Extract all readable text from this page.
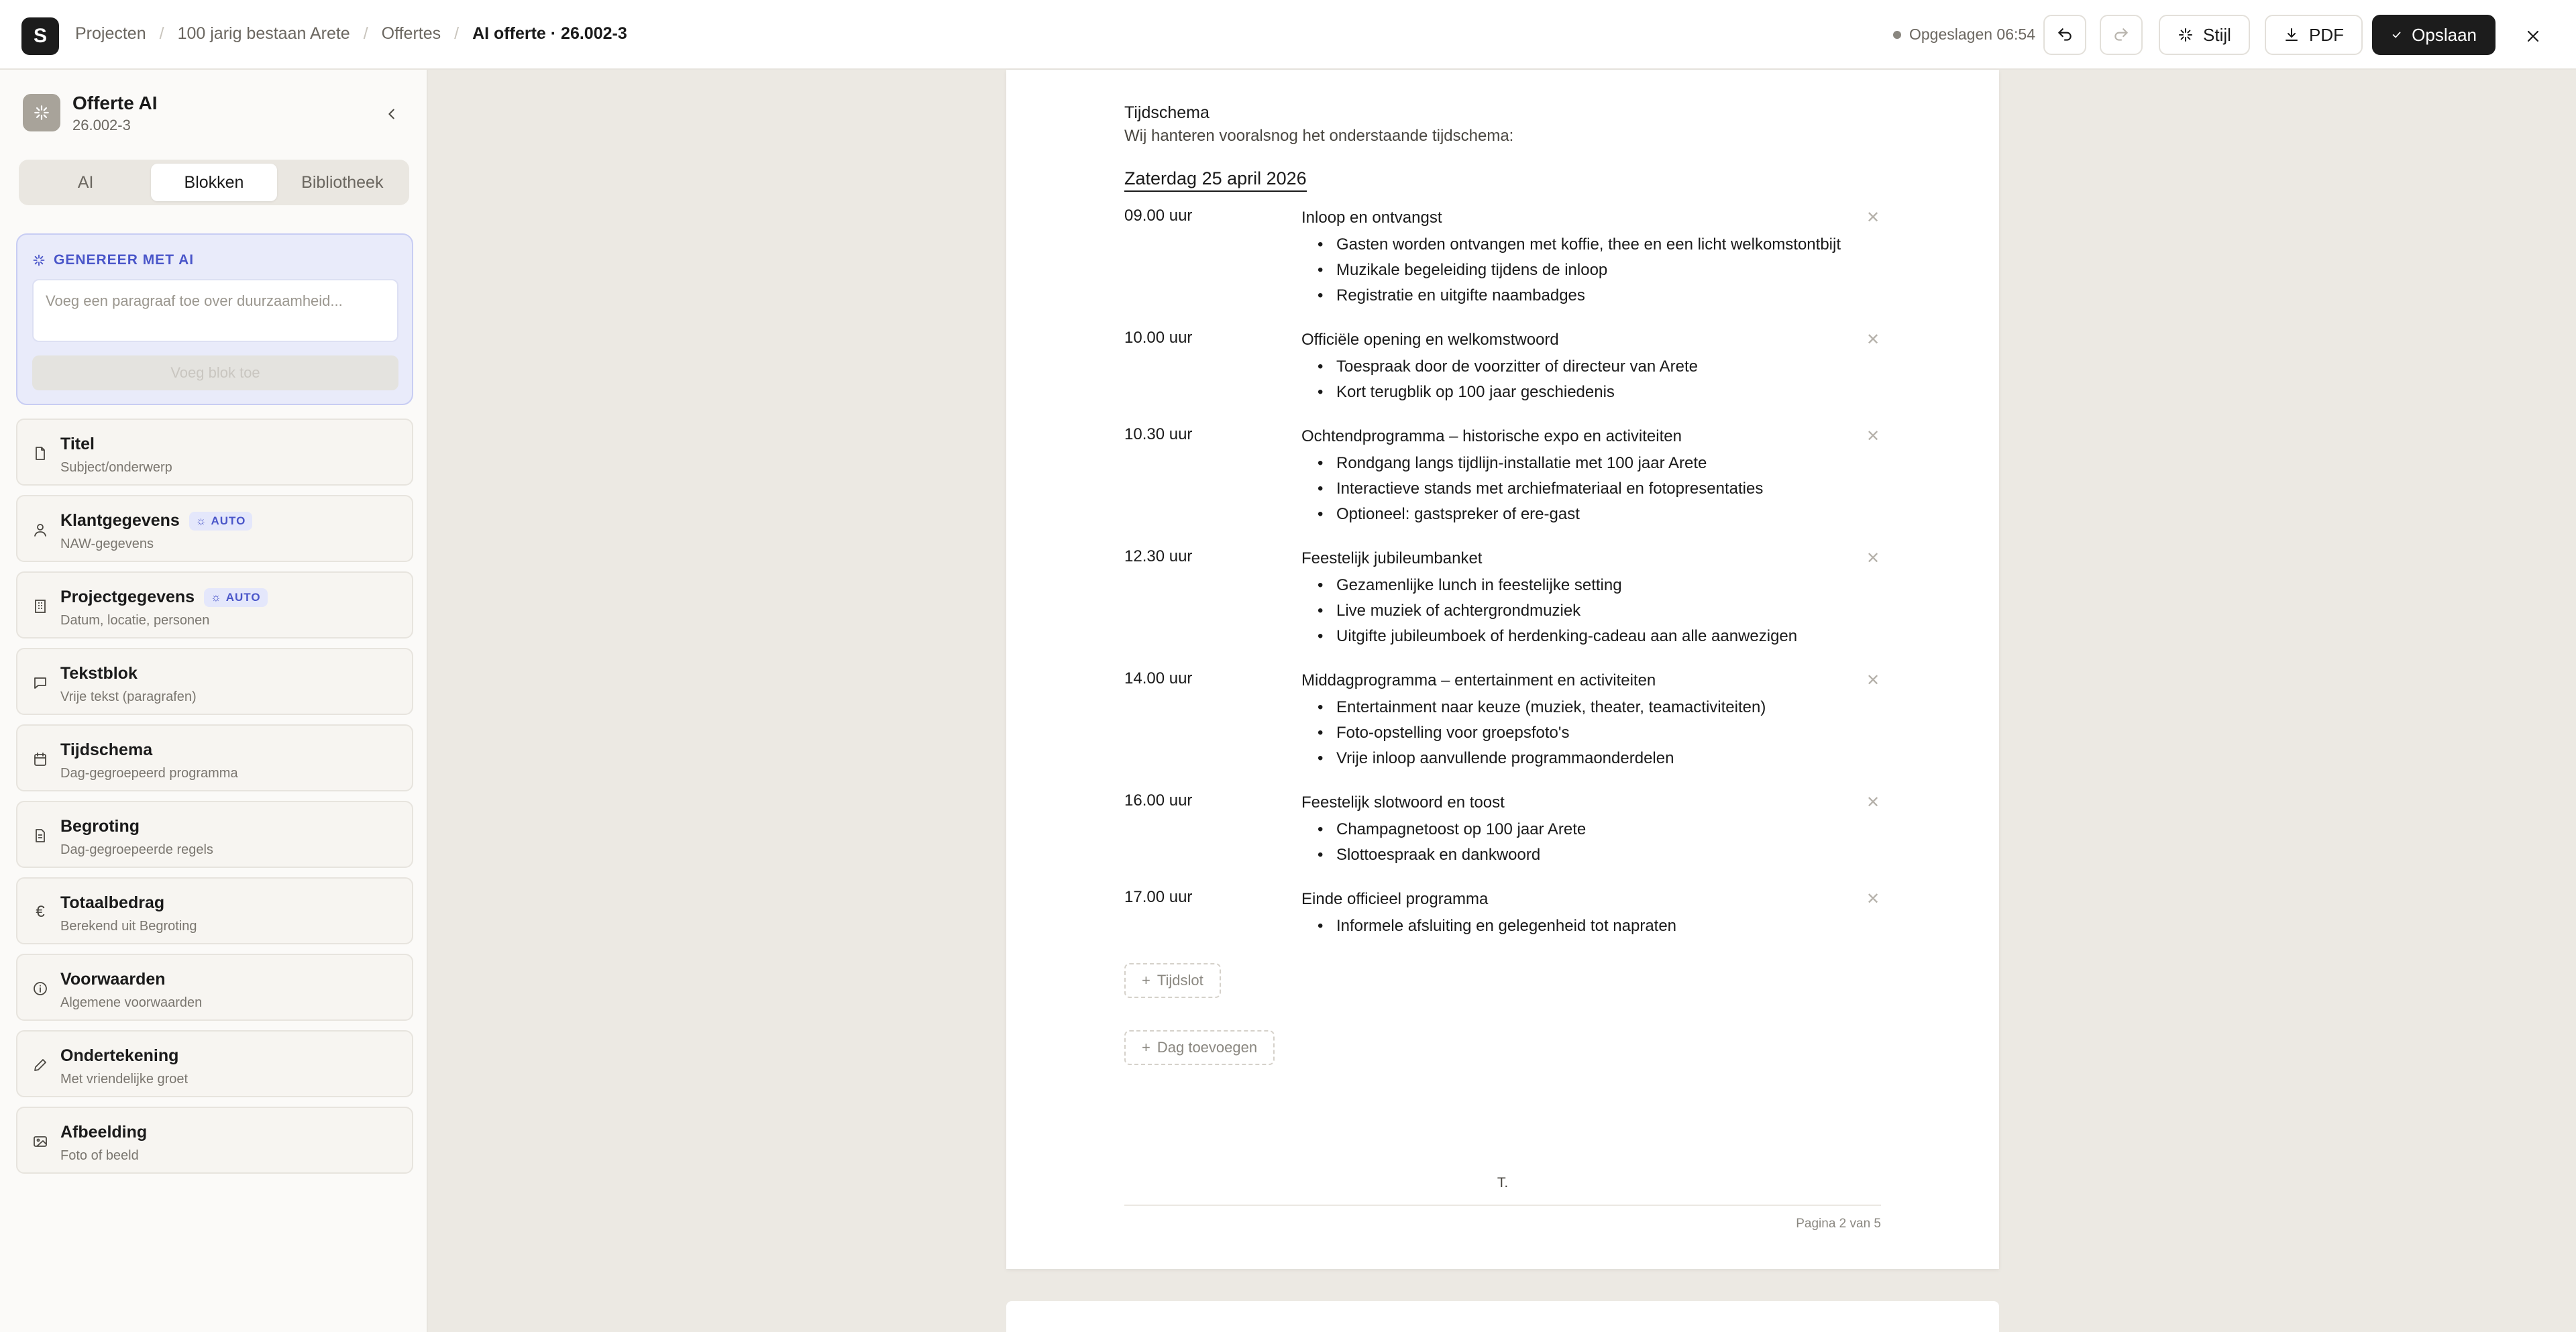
S	Projecten / 100 jarig bestaan Arete / Offertes / AI offerte · 26.002-3	Opgeslagen 06:54	Stijl	PDF	Opslaan
Offerte AI
26.002-3
AI	Blokken	Bibliotheek
GENEREER MET AI
Voeg een paragraaf toe over duurzaamheid...
Voeg blok toe
Titel
Subject/onderwerp
Klantgegevens ☼ AUTO
NAW-gegevens
Projectgegevens ☼ AUTO
Datum, locatie, personen
Tekstblok
Vrije tekst (paragrafen)
Tijdschema
Dag-gegroepeerd programma
Begroting
Dag-gegroepeerde regels
€ Totaalbedrag
Berekend uit Begroting
Voorwaarden
Algemene voorwaarden
Ondertekening
Met vriendelijke groet
Afbeelding
Foto of beeld
Tijdschema
Wij hanteren vooralsnog het onderstaande tijdschema:
Zaterdag 25 april 2026
09.00 uur	Inloop en ontvangst
• Gasten worden ontvangen met koffie, thee en een licht welkomstontbijt
• Muzikale begeleiding tijdens de inloop
• Registratie en uitgifte naambadges
✕
10.00 uur	Officiële opening en welkomstwoord
• Toespraak door de voorzitter of directeur van Arete
• Kort terugblik op 100 jaar geschiedenis
✕
10.30 uur	Ochtendprogramma – historische expo en activiteiten
• Rondgang langs tijdlijn-installatie met 100 jaar Arete
• Interactieve stands met archiefmateriaal en fotopresentaties
• Optioneel: gastspreker of ere-gast
✕
12.30 uur	Feestelijk jubileumbanket
• Gezamenlijke lunch in feestelijke setting
• Live muziek of achtergrondmuziek
• Uitgifte jubileumboek of herdenking-cadeau aan alle aanwezigen
✕
14.00 uur	Middagprogramma – entertainment en activiteiten
• Entertainment naar keuze (muziek, theater, teamactiviteiten)
• Foto-opstelling voor groepsfoto's
• Vrije inloop aanvullende programmaonderdelen
✕
16.00 uur	Feestelijk slotwoord en toost
• Champagnetoost op 100 jaar Arete
• Slottoespraak en dankwoord
✕
17.00 uur	Einde officieel programma
• Informele afsluiting en gelegenheid tot napraten
✕
+ Tijdslot

+ Dag toevoegen
T.
Pagina 2 van 5
